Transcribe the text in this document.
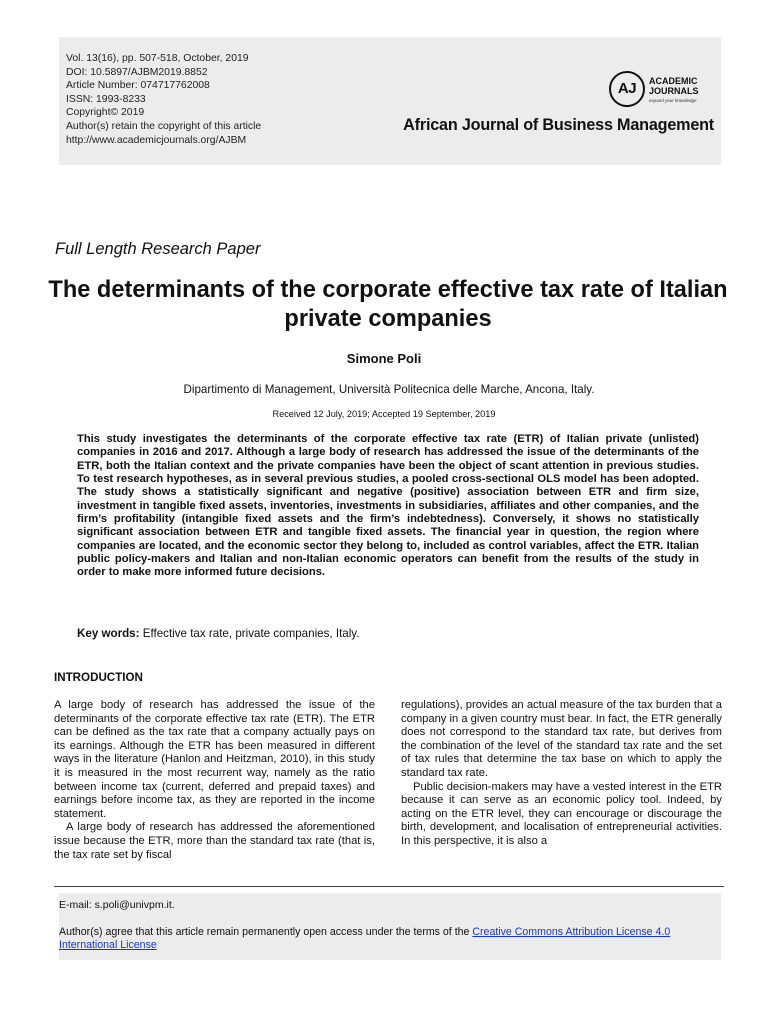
Vol. 13(16), pp. 507-518, October, 2019
DOI: 10.5897/AJBM2019.8852
Article Number: 074717762008
ISSN: 1993-8233
Copyright© 2019
Author(s) retain the copyright of this article
http://www.academicjournals.org/AJBM
AJ	ACADEMIC
JOURNALS
expand your knowledge
African Journal of Business Management
Full Length Research Paper
The determinants of the corporate effective tax rate of Italian private companies
Simone Poli
Dipartimento di Management, Università Politecnica delle Marche, Ancona, Italy.
Received 12 July, 2019; Accepted 19 September, 2019
This study investigates the determinants of the corporate effective tax rate (ETR) of Italian private (unlisted) companies in 2016 and 2017. Although a large body of research has addressed the issue of the determinants of the ETR, both the Italian context and the private companies have been the object of scant attention in previous studies. To test research hypotheses, as in several previous studies, a pooled cross-sectional OLS model has been adopted. The study shows a statistically significant and negative (positive) association between ETR and firm size, investment in tangible fixed assets, inventories, investments in subsidiaries, affiliates and other companies, and the firm’s profitability (intangible fixed assets and the firm’s indebtedness). Conversely, it shows no statistically significant association between ETR and tangible fixed assets. The financial year in question, the region where companies are located, and the economic sector they belong to, included as control variables, affect the ETR. Italian public policy-makers and Italian and non-Italian economic operators can benefit from the results of the study in order to make more informed future decisions.
Key words: Effective tax rate, private companies, Italy.
INTRODUCTION

A large body of research has addressed the issue of the determinants of the corporate effective tax rate (ETR). The ETR can be defined as the tax rate that a company actually pays on its earnings. Although the ETR has been measured in different ways in the literature (Hanlon and Heitzman, 2010), in this study it is measured in the most recurrent way, namely as the ratio between income tax (current, deferred and prepaid taxes) and earnings before income tax, as they are reported in the income statement.

A large body of research has addressed the aforementioned issue because the ETR, more than the standard tax rate (that is, the tax rate set by fiscal

regulations), provides an actual measure of the tax burden that a company in a given country must bear. In fact, the ETR generally does not correspond to the standard tax rate, but derives from the combination of the level of the standard tax rate and the set of tax rules that determine the tax base on which to apply the standard tax rate.

Public decision-makers may have a vested interest in the ETR because it can serve as an economic policy tool. Indeed, by acting on the ETR level, they can encourage or discourage the birth, development, and localisation of entrepreneurial activities. In this perspective, it is also a

E-mail: s.poli@univpm.it.
Author(s) agree that this article remain permanently open access under the terms of the Creative Commons Attribution License 4.0 International License
